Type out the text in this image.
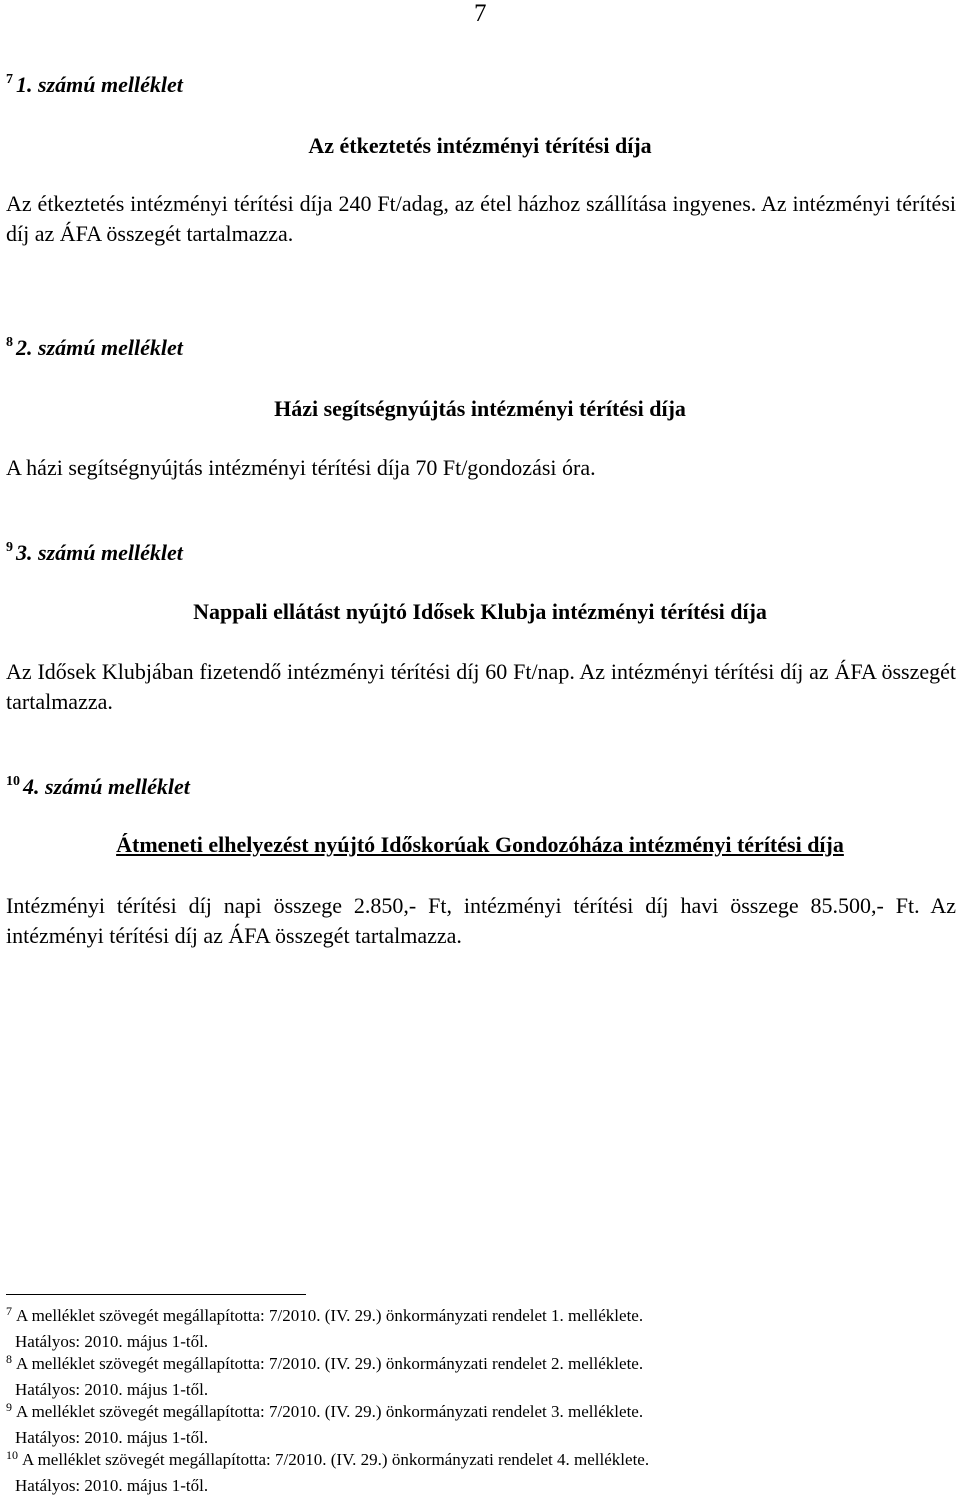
7
$^7$ 1. számú melléklet
Az étkeztetés intézményi térítési díja
Az étkeztetés intézményi térítési díja 240 Ft/adag, az étel házhoz szállítása ingyenes. Az intézményi térítési díj az ÁFA összegét tartalmazza.
$^8$ 2. számú melléklet
Házi segítségnyújtás intézményi térítési díja
A házi segítségnyújtás intézményi térítési díja 70 Ft/gondozási óra.
$^9$ 3. számú melléklet
Nappali ellátást nyújtó Idősek Klubja intézményi térítési díja
Az Idősek Klubjában fizetendő intézményi térítési díj 60 Ft/nap. Az intézményi térítési díj az ÁFA összegét tartalmazza.
$^{10}$ 4. számú melléklet
Átmeneti elhelyezést nyújtó Időskorúak Gondozóháza intézményi térítési díja
Intézményi térítési díj napi összege 2.850,- Ft, intézményi térítési díj havi összege 85.500,- Ft. Az intézményi térítési díj az ÁFA összegét tartalmazza.
$^7$ A melléklet szövegét megállapította: 7/2010. (IV. 29.) önkormányzati rendelet 1. melléklete.
Hatályos: 2010. május 1-től.
$^8$ A melléklet szövegét megállapította: 7/2010. (IV. 29.) önkormányzati rendelet 2. melléklete.
Hatályos: 2010. május 1-től.
$^9$ A melléklet szövegét megállapította: 7/2010. (IV. 29.) önkormányzati rendelet 3. melléklete.
Hatályos: 2010. május 1-től.
$^{10}$ A melléklet szövegét megállapította: 7/2010. (IV. 29.) önkormányzati rendelet 4. melléklete.
Hatályos: 2010. május 1-től.
